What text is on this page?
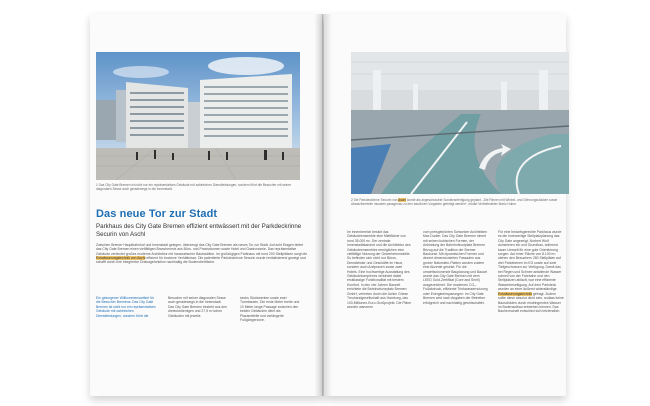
1 Das City Gate Bremen ist nicht nur ein repräsentatives Gebäude mit zahlreichen Dienstleistungen, sondern führt die Besucher mit seiner diagonalen Sesse auch geradewegs in die Innenstadt.
Das neue Tor zur Stadt
Parkhaus des City Gate Bremen effizient entwässert mit der Parkdeckrinne Securin von Aschl
Zwischen Bremer Hauptbahnhof und Innenstadt gelegen, überzeugt das City Gate Bremen als neues Tor zur Stadt. Auf acht Etagen bietet das City Gate Bremen einen vielfältigen Branchenmix aus Büro- und Praxisräumen sowie Hotel und Gastronomie. Das repräsentative Gebäude verbindet großes moderne Architektur mit hanseatischer Bautradition. Im großzügigen Parkhaus mit rund 200 Stellplätzen sorgt die Entwässerungstechnik von Aschl effizient für trockene Verhältnisse. Die patentierte Parkdeckrinne Securin wurde revitalisierend gezeigt und schafft durch ihre integrierter Drainagefunktion nachhaltig die Bodenoberfläche.
Ein gelungener Willkommensartikel für die Besucher Bremens: Das City Gate Bremen ist nicht nur ein repräsentatives Gebäude mit zahlreichen Dienstleistungen, sondern führt die
Besucher mit seiner diagonalen Sesse auch geradewegs in die Innenstadt. Das City Gate Bremen besteht aus den dreiecksförmigen und 27,5 m hohen Gebäuden mit jeweils
sechs Stockwerken sowie zwei Turmbauten. Die erste Meter breite und 10 Meter lange Passage zwischen den beiden Gebäuden dient als Plazamittelle und verlängerte Fußgängerzone.
2 Die Parkdeckrinne Securin von Aschl wurde als angeschraubte Sonderanfertigung geplant. „Die Rinnen mit Winkel- und Gehrungsstücken sowie Absatzformteile mussten passgenau zu den baulichen Vorgaben gefertigt werden“, erklärt Vertriebsleiter Mario Huber.
Im Innenbereich besitzt das Gebäudeensemble eine Mietfläche von rund 35.000 m². Der zentrale Innenstadtstandort und die Architektur des Gebäudeensembles ermöglichen eine vielfältige Nutzung der Gewerbeimmobilie. So befinden sich nicht nur Büros, Dienstleister und Geschäfte im Haus, sondern auch Arztpraxen sowie zwei Hotels. Eine hochwertige Ausstattung des Gebäudekomplexes verbindet dabei erstklassige Funktionalität mit bestem Komfort. In den vier Jahren Bauzeit errichtete die Bahnhofsvorplatz Bremen GmbH, vertreten durch die Achim Griese Treuhandgesellschaft aus Hamburg, das 100-Millionen-Euro-Großprojekt. Die Pläne wurden warumen
vom preisgekrönten Schweizer Architekten Max Dudler. Das City Gate Bremen nimmt mit seinen kubischen Formen, der Anbindung der Bahnhofsvorplatz Bremen Bezug auf die Tradition der Bremer Baukunst. Mit dynamischen Formen und dezent dimensionierten Fassaden aus grober Naturstein-Platten wurden zudem eine Akzente gesetzt. Für die umweltschonende Bauplanung und Bauart wurde das City Gate Bremen mit dem LEED Gold-Zertifikat (Core and Shell) ausgezeichnet. Die modernen CO₂-Fußabdruck, effiziente Trinkwassernutzung oder Energieeinsparungen: Im City Gate Bremen wird nach Angaben der Betreiber erfolgreich und nachhaltig gewirtschaftet.
Für eine bedarfsgerechte Parkhaus wurde es die hochwertige Stellplatzplanung das City Gate angezeigt. Norbert Wolf dominieren ein und Grundbau, während kaum Umwelt für eine gute Orientierung sorgen. Auf einer Fläche von 8.100 m² stehen den Besuchern 280 Stellplätze auf drei Parkebenen im EG sowie auf zwei Tiefgeschossen zur Verfügung. Damit das bei Regen und Schnee anfallende Wasser schnell von der Fahrbahn und den Stellplatzen abläuft, war eine effiziente Wasserbeseitigung. Auf dem Parkdeck wurden an einer äußerst widerständige Entwässerungstechnik gefragt. Zudem sollte diese absolut dicht sein, sodass keine Bauschäden durch eindringendes Wasser im Bodenaufbau entstehen können. Das Bauherrschaft entschied sich letztendlich
